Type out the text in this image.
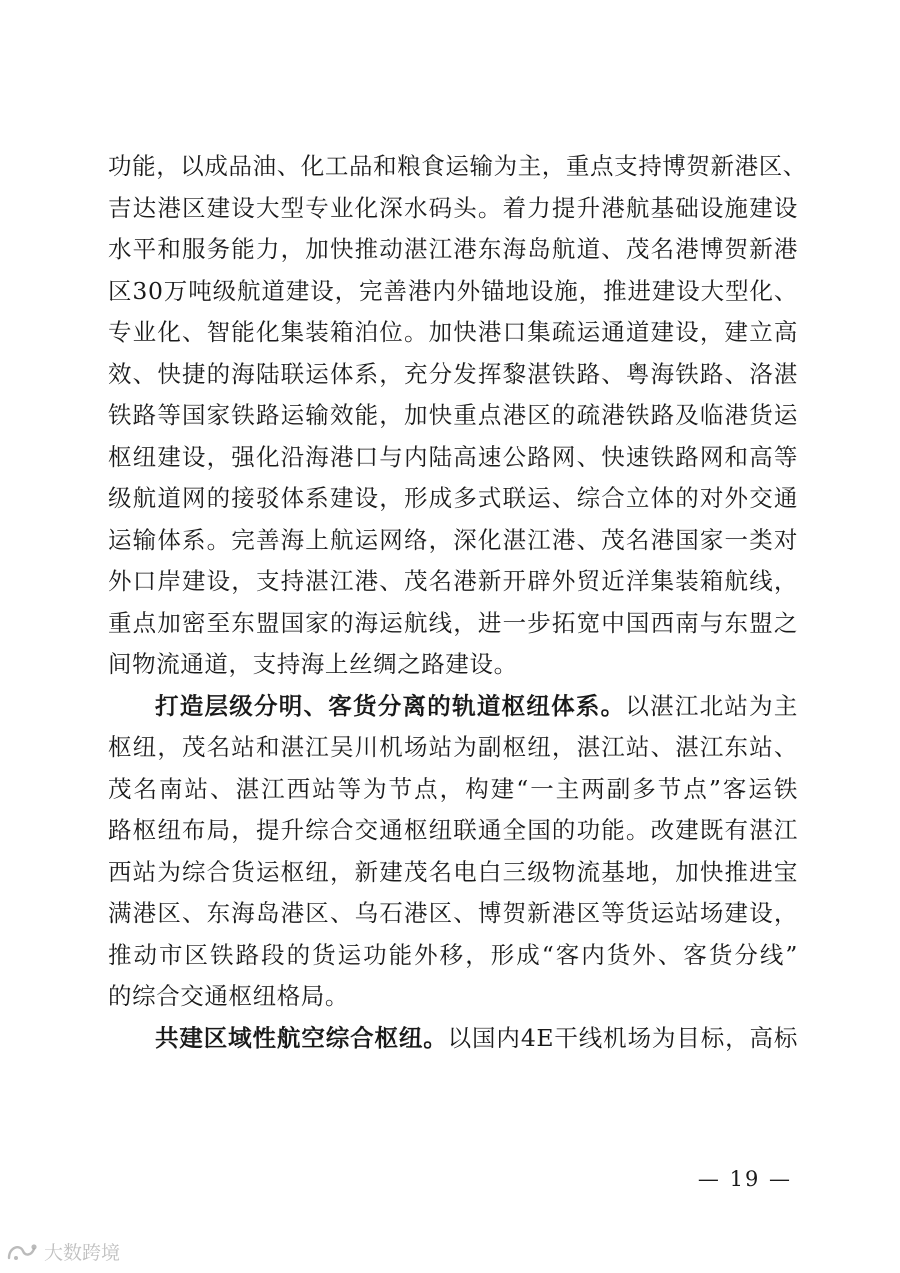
功能，以成品油、化工品和粮食运输为主，重点支持博贺新港区、
吉达港区建设大型专业化深水码头。着力提升港航基础设施建设
水平和服务能力，加快推动湛江港东海岛航道、茂名港博贺新港
区30万吨级航道建设，完善港内外锚地设施，推进建设大型化、
专业化、智能化集装箱泊位。加快港口集疏运通道建设，建立高
效、快捷的海陆联运体系，充分发挥黎湛铁路、粤海铁路、洛湛
铁路等国家铁路运输效能，加快重点港区的疏港铁路及临港货运
枢纽建设，强化沿海港口与内陆高速公路网、快速铁路网和高等
级航道网的接驳体系建设，形成多式联运、综合立体的对外交通
运输体系。完善海上航运网络，深化湛江港、茂名港国家一类对
外口岸建设，支持湛江港、茂名港新开辟外贸近洋集装箱航线，
重点加密至东盟国家的海运航线，进一步拓宽中国西南与东盟之
间物流通道，支持海上丝绸之路建设。

打造层级分明、客货分离的轨道枢纽体系。以湛江北站为主
枢纽，茂名站和湛江吴川机场站为副枢纽，湛江站、湛江东站、
茂名南站、湛江西站等为节点，构建“一主两副多节点”客运铁
路枢纽布局，提升综合交通枢纽联通全国的功能。改建既有湛江
西站为综合货运枢纽，新建茂名电白三级物流基地，加快推进宝
满港区、东海岛港区、乌石港区、博贺新港区等货运站场建设，
推动市区铁路段的货运功能外移，形成“客内货外、客货分线”
的综合交通枢纽格局。

共建区域性航空综合枢纽。以国内4E干线机场为目标，高标

— 19 —
大数跨境
